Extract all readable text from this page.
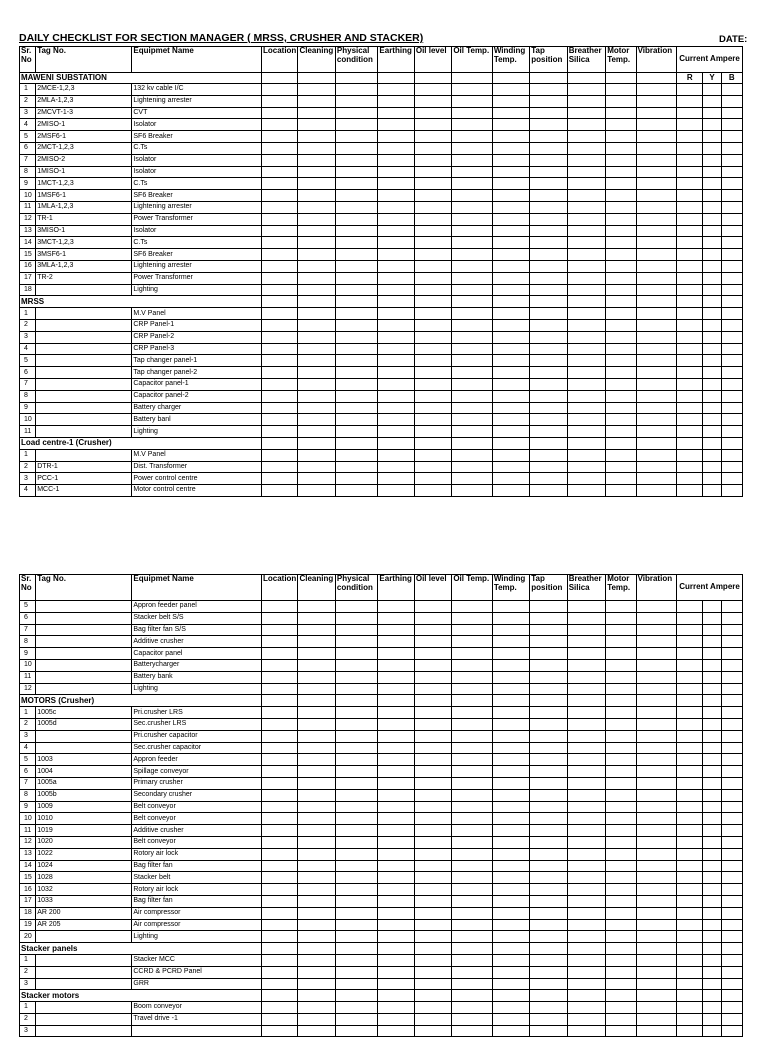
DAILY CHECKLIST FOR SECTION MANAGER ( MRSS, CRUSHER AND STACKER)	DATE:
Sr. No	Tag No.	Equipmet Name	Location	Cleaning	Physical condition	Earthing	Oil level	Oil Temp.	Winding Temp.	Tap position	Breather Silica	Motor Temp.	Vibration	Current Ampere		
MAWENI SUBSTATION														R	Y	B
1	2MCE-1,2,3	132 kv cable I/C														
2	2MLA-1,2,3	Lightening arrester														
3	2MCVT-1-3	CVT														
4	2MISO-1	Isolator														
5	2MSF6-1	SF6 Breaker														
6	2MCT-1,2,3	C.Ts														
7	2MISO-2	Isolator														
8	1MISO-1	Isolator														
9	1MCT-1,2,3	C.Ts														
10	1MSF6-1	SF6 Breaker														
11	1MLA-1,2,3	Lightening arrester														
12	TR-1	Power Transformer														
13	3MISO-1	Isolator														
14	3MCT-1,2,3	C.Ts														
15	3MSF6-1	SF6 Breaker														
16	3MLA-1,2,3	Lightening arrester														
17	TR-2	Power Transformer														
18		Lighting														
MRSS																
1		M.V Panel														
2		CRP Panel-1														
3		CRP Panel-2														
4		CRP Panel-3														
5		Tap changer panel-1														
6		Tap changer panel-2														
7		Capacitor panel-1														
8		Capacitor panel-2														
9		Battery charger														
10		Battery banl														
11		Lighting														
Load centre-1 (Crusher)																
1		M.V Panel														
2	DTR-1	Dist. Transformer														
3	PCC-1	Power control centre														
4	MCC-1	Motor control centre														
Sr. No	Tag No.	Equipmet Name	Location	Cleaning	Physical condition	Earthing	Oil level	Oil Temp.	Winding Temp.	Tap position	Breather Silica	Motor Temp.	Vibration	Current Ampere		
5		Appron feeder panel														
6		Stacker belt S/S														
7		Bag filter fan S/S														
8		Additive crusher														
9		Capacitor panel														
10		Batterycharger														
11		Battery bank														
12		Lighting														
MOTORS (Crusher)																
1	1005c	Pri.crusher LRS														
2	1005d	Sec.crusher LRS														
3		Pri.crusher capacitor														
4		Sec.crusher capacitor														
5	1003	Appron feeder														
6	1004	Spillage conveyor														
7	1005a	Primary crusher														
8	1005b	Secondary crusher														
9	1009	Belt conveyor														
10	1010	Belt conveyor														
11	1019	Additive crusher														
12	1020	Belt conveyor														
13	1022	Rotory air lock														
14	1024	Bag filter fan														
15	1028	Stacker belt														
16	1032	Rotory air lock														
17	1033	Bag filter fan														
18	AR 200	Air compressor														
19	AR 205	Air compressor														
20		Lighting														
Stacker panels																
1		Stacker MCC														
2		CCRD & PCRD Panel														
3		GRR														
Stacker motors																
1		Boom conveyor														
2		Travel drive -1														
3																
